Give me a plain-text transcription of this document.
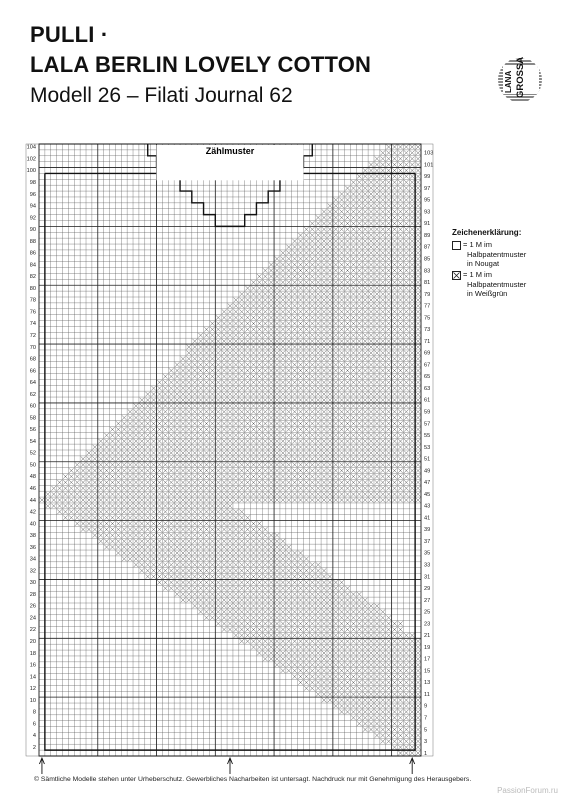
PULLI ·
LALA BERLIN LOVELY COTTON
Modell 26 – Filati Journal 62
LANA GROSSA
Zählmuster
2
4
6
8
10
12
14
16
18
20
22
24
26
28
30
32
34
36
38
40
42
44
46
48
50
52
54
56
58
60
62
64
66
68
70
72
74
76
78
80
82
84
86
88
90
92
94
96
98
100
102
104
1
3
5
7
9
11
13
15
17
19
21
23
25
27
29
31
33
35
37
39
41
43
45
47
49
51
53
55
57
59
61
63
65
67
69
71
73
75
77
79
81
83
85
87
89
91
93
95
97
99
101
103
Zeichenerklärung:
= 1 M im
Halbpatentmuster
in Nougat
= 1 M im
Halbpatentmuster
in Weißgrün
© Sämtliche Modelle stehen unter Urheberschutz. Gewerbliches Nacharbeiten ist untersagt. Nachdruck nur mit Genehmigung des Herausgebers.
PassionForum.ru
